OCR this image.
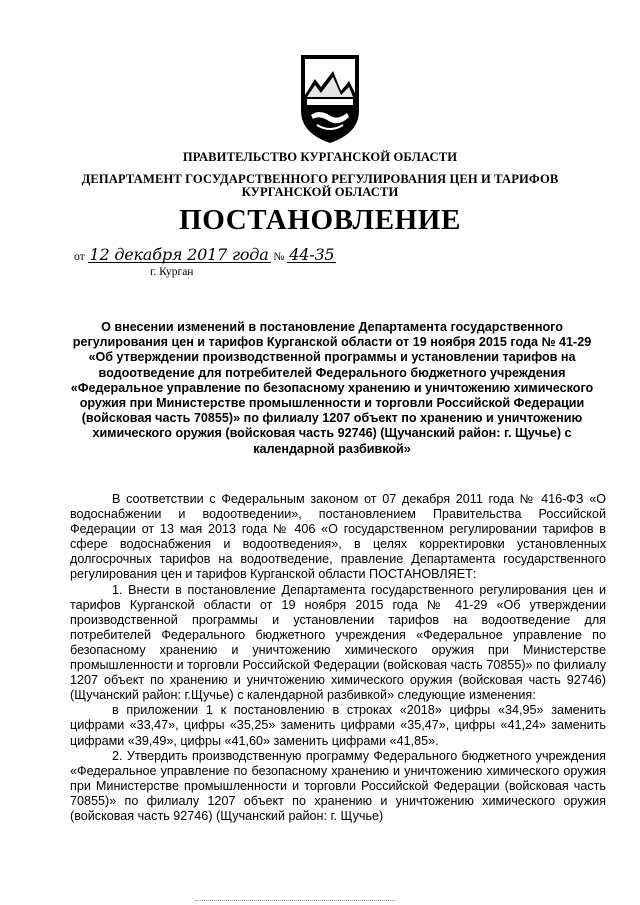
ПРАВИТЕЛЬСТВО КУРГАНСКОЙ ОБЛАСТИ
ДЕПАРТАМЕНТ ГОСУДАРСТВЕННОГО РЕГУЛИРОВАНИЯ ЦЕН И ТАРИФОВ
КУРГАНСКОЙ ОБЛАСТИ
ПОСТАНОВЛЕНИЕ
от 12 декабря 2017 года № 44-35
г. Курган
О внесении изменений в постановление Департамента государственного регулирования цен и тарифов Курганской области от 19 ноября 2015 года № 41-29 «Об утверждении производственной программы и установлении тарифов на водоотведение для потребителей Федерального бюджетного учреждения «Федеральное управление по безопасному хранению и уничтожению химического оружия при Министерстве промышленности и торговли Российской Федерации (войсковая часть 70855)» по филиалу 1207 объект по хранению и уничтожению химического оружия (войсковая часть 92746) (Щучанский район: г. Щучье) с календарной разбивкой»

В соответствии с Федеральным законом от 07 декабря 2011 года № 416-ФЗ «О водоснабжении и водоотведении», постановлением Правительства Российской Федерации от 13 мая 2013 года № 406 «О государственном регулировании тарифов в сфере водоснабжения и водоотведения», в целях корректировки установленных долгосрочных тарифов на водоотведение, правление Департамента государственного регулирования цен и тарифов Курганской области ПОСТАНОВЛЯЕТ:

1. Внести в постановление Департамента государственного регулирования цен и тарифов Курганской области от 19 ноября 2015 года № 41-29 «Об утверждении производственной программы и установлении тарифов на водоотведение для потребителей Федерального бюджетного учреждения «Федеральное управление по безопасному хранению и уничтожению химического оружия при Министерстве промышленности и торговли Российской Федерации (войсковая часть 70855)» по филиалу 1207 объект по хранению и уничтожению химического оружия (войсковая часть 92746) (Щучанский район: г.Щучье) с календарной разбивкой» следующие изменения:

в приложении 1 к постановлению в строках «2018» цифры «34,95» заменить цифрами «33,47», цифры «35,25» заменить цифрами «35,47», цифры «41,24» заменить цифрами «39,49», цифры «41,60» заменить цифрами «41,85».

2. Утвердить производственную программу Федерального бюджетного учреждения «Федеральное управление по безопасному хранению и уничтожению химического оружия при Министерстве промышленности и торговли Российской Федерации (войсковая часть 70855)» по филиалу 1207 объект по хранению и уничтожению химического оружия (войсковая часть 92746) (Щучанский район: г. Щучье)
